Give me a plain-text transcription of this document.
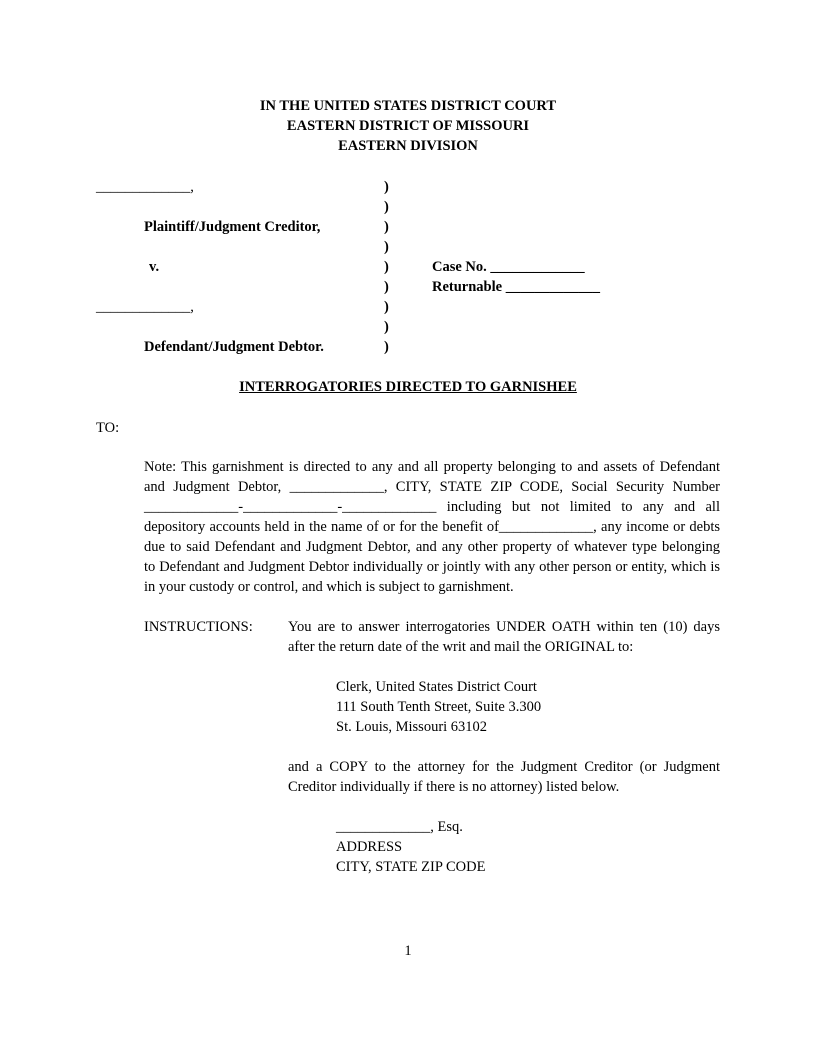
IN THE UNITED STATES DISTRICT COURT
EASTERN DISTRICT OF MISSOURI
EASTERN DIVISION
_____________,
Plaintiff/Judgment Creditor,
v.
_____________,
Defendant/Judgment Debtor.
)
)
)
)
)
)
)
)
)
Case No. _____________
Returnable _____________
INTERROGATORIES DIRECTED TO GARNISHEE
TO:
Note: This garnishment is directed to any and all property belonging to and assets of Defendant
and Judgment Debtor, _____________, CITY, STATE ZIP CODE, Social Security Number
_____________-_____________-_____________ including but not limited to any and all
depository accounts held in the name of or for the benefit of_____________, any income or debts
due to said Defendant and Judgment Debtor, and any other property of whatever type belonging
to Defendant and Judgment Debtor individually or jointly with any other person or entity, which is
in your custody or control, and which is subject to garnishment.
INSTRUCTIONS: You are to answer interrogatories UNDER OATH within ten (10) days
after the return date of the writ and mail the ORIGINAL to:
Clerk, United States District Court
111 South Tenth Street, Suite 3.300
St. Louis, Missouri 63102
and a COPY to the attorney for the Judgment Creditor (or Judgment
Creditor individually if there is no attorney) listed below.
_____________, Esq.
ADDRESS
CITY, STATE ZIP CODE
1
